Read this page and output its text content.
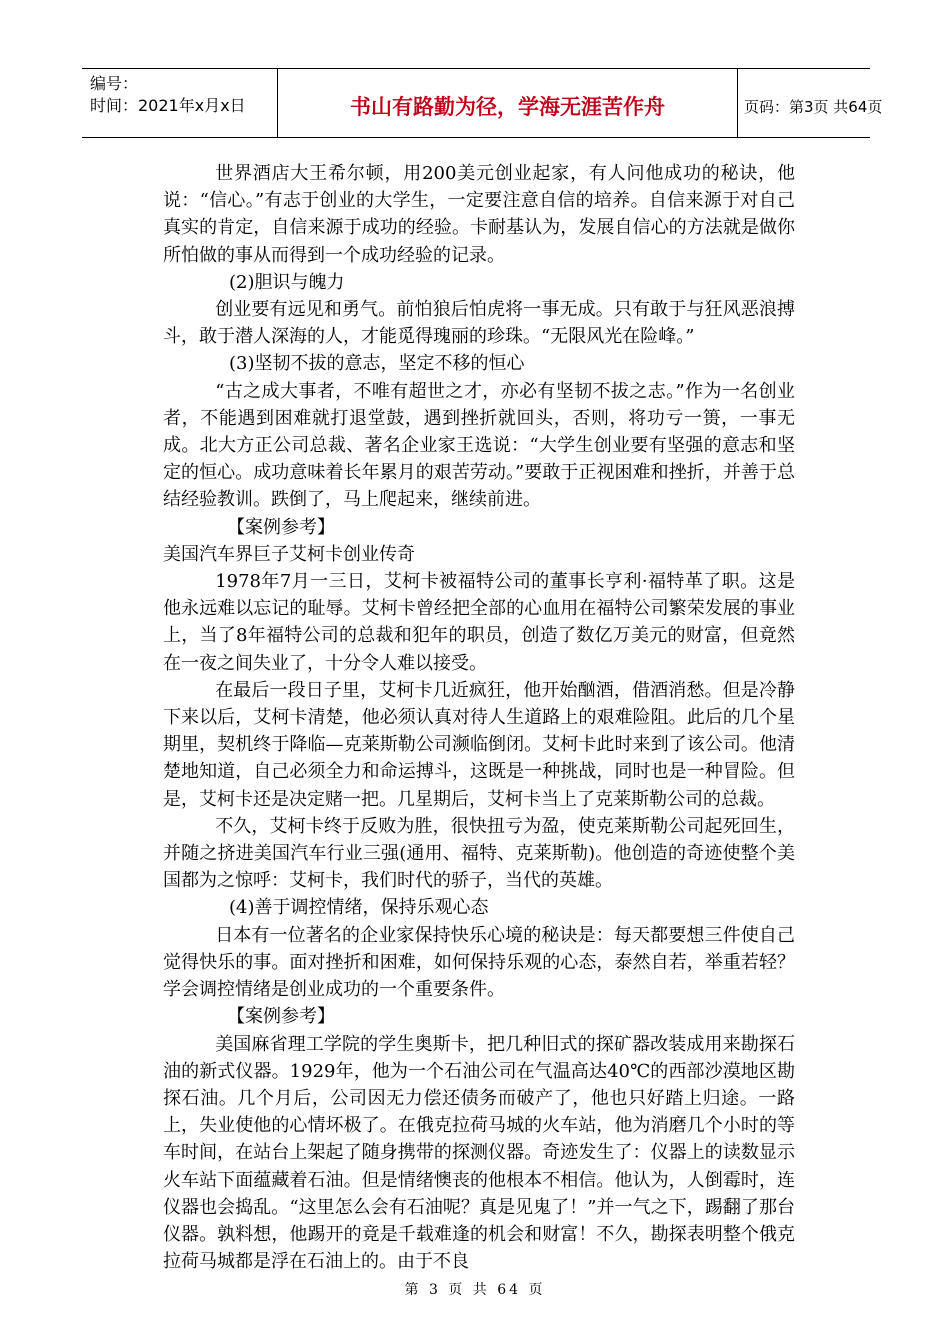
编号：
时间：2021年x月x日	书山有路勤为径，学海无涯苦作舟	页码：第3页 共64页

世界酒店大王希尔顿，用200美元创业起家，有人问他成功的秘诀，他说：“信心。”有志于创业的大学生，一定要注意自信的培养。自信来源于对自己真实的肯定，自信来源于成功的经验。卡耐基认为，发展自信心的方法就是做你所怕做的事从而得到一个成功经验的记录。

(2)胆识与魄力

创业要有远见和勇气。前怕狼后怕虎将一事无成。只有敢于与狂风恶浪搏斗，敢于潜人深海的人，才能觅得瑰丽的珍珠。“无限风光在险峰。”

(3)坚韧不拔的意志，坚定不移的恒心

“古之成大事者，不唯有超世之才，亦必有坚韧不拔之志。”作为一名创业者，不能遇到困难就打退堂鼓，遇到挫折就回头，否则，将功亏一篑，一事无成。北大方正公司总裁、著名企业家王选说：“大学生创业要有坚强的意志和坚定的恒心。成功意味着长年累月的艰苦劳动。”要敢于正视困难和挫折，并善于总结经验教训。跌倒了，马上爬起来，继续前进。

【案例参考】

美国汽车界巨子艾柯卡创业传奇

1978年7月一三日，艾柯卡被福特公司的董事长亨利·福特革了职。这是他永远难以忘记的耻辱。艾柯卡曾经把全部的心血用在福特公司繁荣发展的事业上，当了8年福特公司的总裁和犯年的职员，创造了数亿万美元的财富，但竟然在一夜之间失业了，十分令人难以接受。

在最后一段日子里，艾柯卡几近疯狂，他开始酗酒，借酒消愁。但是冷静下来以后，艾柯卡清楚，他必须认真对待人生道路上的艰难险阻。此后的几个星期里，契机终于降临—克莱斯勒公司濒临倒闭。艾柯卡此时来到了该公司。他清楚地知道，自己必须全力和命运搏斗，这既是一种挑战，同时也是一种冒险。但是，艾柯卡还是决定赌一把。几星期后，艾柯卡当上了克莱斯勒公司的总裁。

不久，艾柯卡终于反败为胜，很快扭亏为盈，使克莱斯勒公司起死回生，并随之挤进美国汽车行业三强(通用、福特、克莱斯勒)。他创造的奇迹使整个美国都为之惊呼：艾柯卡，我们时代的骄子，当代的英雄。

(4)善于调控情绪，保持乐观心态

日本有一位著名的企业家保持快乐心境的秘诀是：每天都要想三件使自己觉得快乐的事。面对挫折和困难，如何保持乐观的心态，泰然自若，举重若轻？学会调控情绪是创业成功的一个重要条件。

【案例参考】

美国麻省理工学院的学生奥斯卡，把几种旧式的探矿器改装成用来勘探石油的新式仪器。1929年，他为一个石油公司在气温高达40℃的西部沙漠地区勘探石油。几个月后，公司因无力偿还债务而破产了，他也只好踏上归途。一路上，失业使他的心情坏极了。在俄克拉荷马城的火车站，他为消磨几个小时的等车时间，在站台上架起了随身携带的探测仪器。奇迹发生了：仪器上的读数显示火车站下面蕴藏着石油。但是情绪懊丧的他根本不相信。他认为，人倒霉时，连仪器也会捣乱。“这里怎么会有石油呢？真是见鬼了！”并一气之下，踢翻了那台仪器。孰料想，他踢开的竟是千载难逢的机会和财富！不久，勘探表明整个俄克拉荷马城都是浮在石油上的。由于不良

第 3 页 共 64 页
